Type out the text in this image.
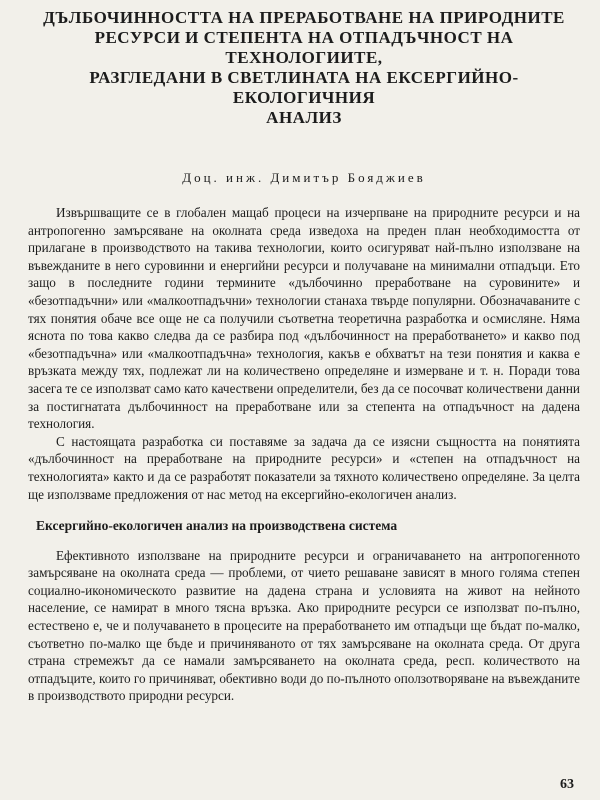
ДЪЛБОЧИННОСТТА НА ПРЕРАБОТВАНЕ НА ПРИРОДНИТЕ
РЕСУРСИ И СТЕПЕНТА НА ОТПАДЪЧНОСТ НА ТЕХНОЛОГИИТЕ,
РАЗГЛЕДАНИ В СВЕТЛИНАТА НА ЕКСЕРГИЙНО-ЕКОЛОГИЧНИЯ
АНАЛИЗ
Доц. инж. Димитър Бояджиев

Извършващите се в глобален мащаб процеси на изчерпване на природните ресурси и на антропогенно замърсяване на околната среда изведоха на преден план необходимостта от прилагане в производството на такива технологии, които осигуряват най-пълно използване на въвежданите в него суровинни и енергийни ресурси и получаване на минимални отпадъци. Ето защо в последните години термините «дълбочинно преработване на суровините» и «безотпадъчни» или «малкоотпадъчни» технологии станаха твърде популярни. Обозначаваните с тях понятия обаче все още не са получили съответна теоретична разработка и осмисляне. Няма яснота по това какво следва да се разбира под «дълбочинност на преработването» и какво под «безотпадъчна» или «малкоотпадъчна» технология, какъв е обхватът на тези понятия и каква е връзката между тях, подлежат ли на количествено определяне и измерване и т. н. Поради това засега те се използват само като качествени определители, без да се посочват количествени данни за постигнатата дълбочинност на преработване или за степента на отпадъчност на дадена технология.

С настоящата разработка си поставяме за задача да се изясни същността на понятията «дълбочинност на преработване на природните ресурси» и «степен на отпадъчност на технологията» както и да се разработят показатели за тяхното количествено определяне. За целта ще използваме предложения от нас метод на ексергийно-екологичен анализ.

Ексергийно-екологичен анализ на производствена система

Ефективното използване на природните ресурси и ограничаването на антропогенното замърсяване на околната среда — проблеми, от чието решаване зависят в много голяма степен социално-икономическото развитие на дадена страна и условията на живот на нейното население, се намират в много тясна връзка. Ако природните ресурси се използват по-пълно, естествено е, че и получаването в процесите на преработването им отпадъци ще бъдат по-малко, съответно по-малко ще бъде и причиняваното от тях замърсяване на околната среда. От друга страна стремежът да се намали замърсяването на околната среда, респ. количеството на отпадъците, които го причиняват, обективно води до по-пълното оползотворяване на въвежданите в производството природни ресурси.

63
